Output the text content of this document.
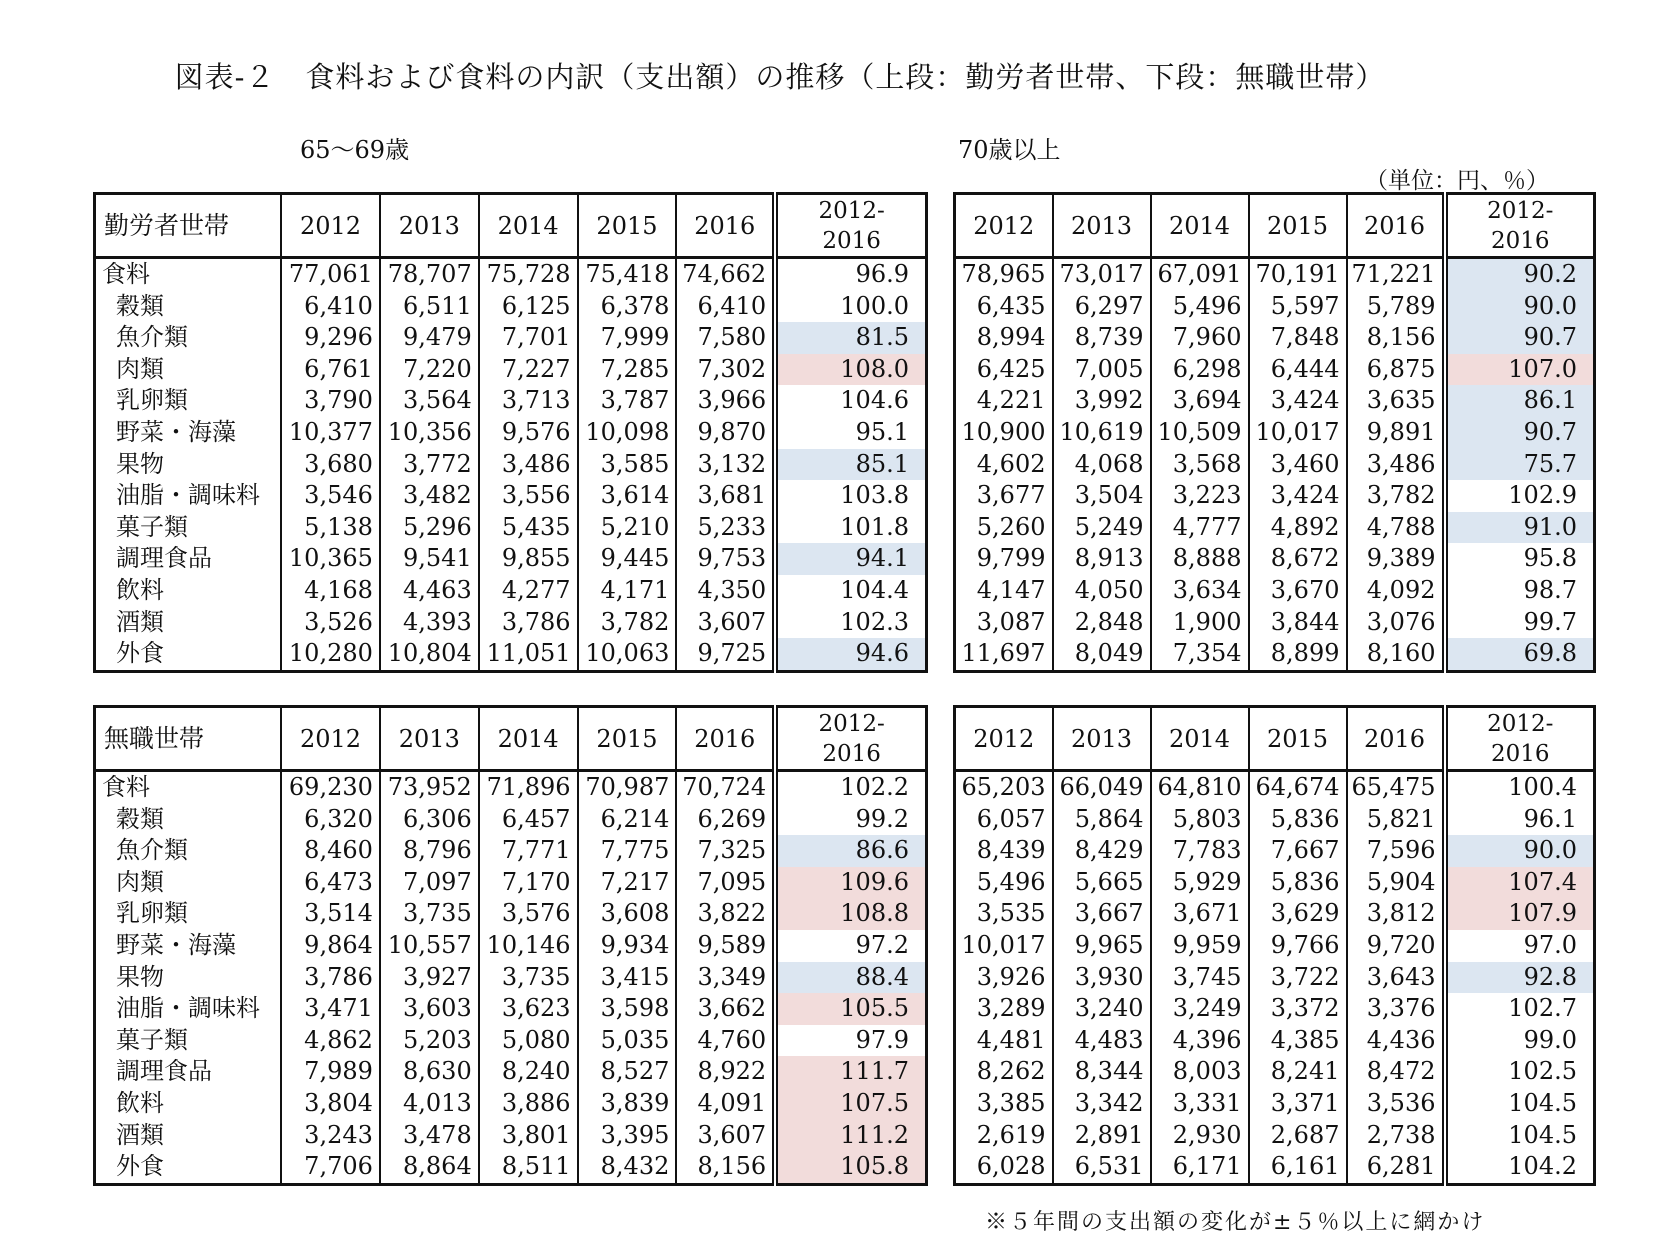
図表‐２　食料および食料の内訳（支出額）の推移（上段：勤労者世帯、下段：無職世帯）
65～69歳	70歳以上
（単位：円、％）
勤労者世帯	2012	2013	2014	2015	2016	2012-
2016
食料	77,061	78,707	75,728	75,418	74,662	96.9
穀類	6,410	6,511	6,125	6,378	6,410	100.0
魚介類	9,296	9,479	7,701	7,999	7,580	81.5
肉類	6,761	7,220	7,227	7,285	7,302	108.0
乳卵類	3,790	3,564	3,713	3,787	3,966	104.6
野菜・海藻	10,377	10,356	9,576	10,098	9,870	95.1
果物	3,680	3,772	3,486	3,585	3,132	85.1
油脂・調味料	3,546	3,482	3,556	3,614	3,681	103.8
菓子類	5,138	5,296	5,435	5,210	5,233	101.8
調理食品	10,365	9,541	9,855	9,445	9,753	94.1
飲料	4,168	4,463	4,277	4,171	4,350	104.4
酒類	3,526	4,393	3,786	3,782	3,607	102.3
外食	10,280	10,804	11,051	10,063	9,725	94.6
2012	2013	2014	2015	2016	2012-
2016
78,965	73,017	67,091	70,191	71,221	90.2
6,435	6,297	5,496	5,597	5,789	90.0
8,994	8,739	7,960	7,848	8,156	90.7
6,425	7,005	6,298	6,444	6,875	107.0
4,221	3,992	3,694	3,424	3,635	86.1
10,900	10,619	10,509	10,017	9,891	90.7
4,602	4,068	3,568	3,460	3,486	75.7
3,677	3,504	3,223	3,424	3,782	102.9
5,260	5,249	4,777	4,892	4,788	91.0
9,799	8,913	8,888	8,672	9,389	95.8
4,147	4,050	3,634	3,670	4,092	98.7
3,087	2,848	1,900	3,844	3,076	99.7
11,697	8,049	7,354	8,899	8,160	69.8
無職世帯	2012	2013	2014	2015	2016	2012-
2016
食料	69,230	73,952	71,896	70,987	70,724	102.2
穀類	6,320	6,306	6,457	6,214	6,269	99.2
魚介類	8,460	8,796	7,771	7,775	7,325	86.6
肉類	6,473	7,097	7,170	7,217	7,095	109.6
乳卵類	3,514	3,735	3,576	3,608	3,822	108.8
野菜・海藻	9,864	10,557	10,146	9,934	9,589	97.2
果物	3,786	3,927	3,735	3,415	3,349	88.4
油脂・調味料	3,471	3,603	3,623	3,598	3,662	105.5
菓子類	4,862	5,203	5,080	5,035	4,760	97.9
調理食品	7,989	8,630	8,240	8,527	8,922	111.7
飲料	3,804	4,013	3,886	3,839	4,091	107.5
酒類	3,243	3,478	3,801	3,395	3,607	111.2
外食	7,706	8,864	8,511	8,432	8,156	105.8
2012	2013	2014	2015	2016	2012-
2016
65,203	66,049	64,810	64,674	65,475	100.4
6,057	5,864	5,803	5,836	5,821	96.1
8,439	8,429	7,783	7,667	7,596	90.0
5,496	5,665	5,929	5,836	5,904	107.4
3,535	3,667	3,671	3,629	3,812	107.9
10,017	9,965	9,959	9,766	9,720	97.0
3,926	3,930	3,745	3,722	3,643	92.8
3,289	3,240	3,249	3,372	3,376	102.7
4,481	4,483	4,396	4,385	4,436	99.0
8,262	8,344	8,003	8,241	8,472	102.5
3,385	3,342	3,331	3,371	3,536	104.5
2,619	2,891	2,930	2,687	2,738	104.5
6,028	6,531	6,171	6,161	6,281	104.2
※５年間の支出額の変化が±５％以上に網かけ
